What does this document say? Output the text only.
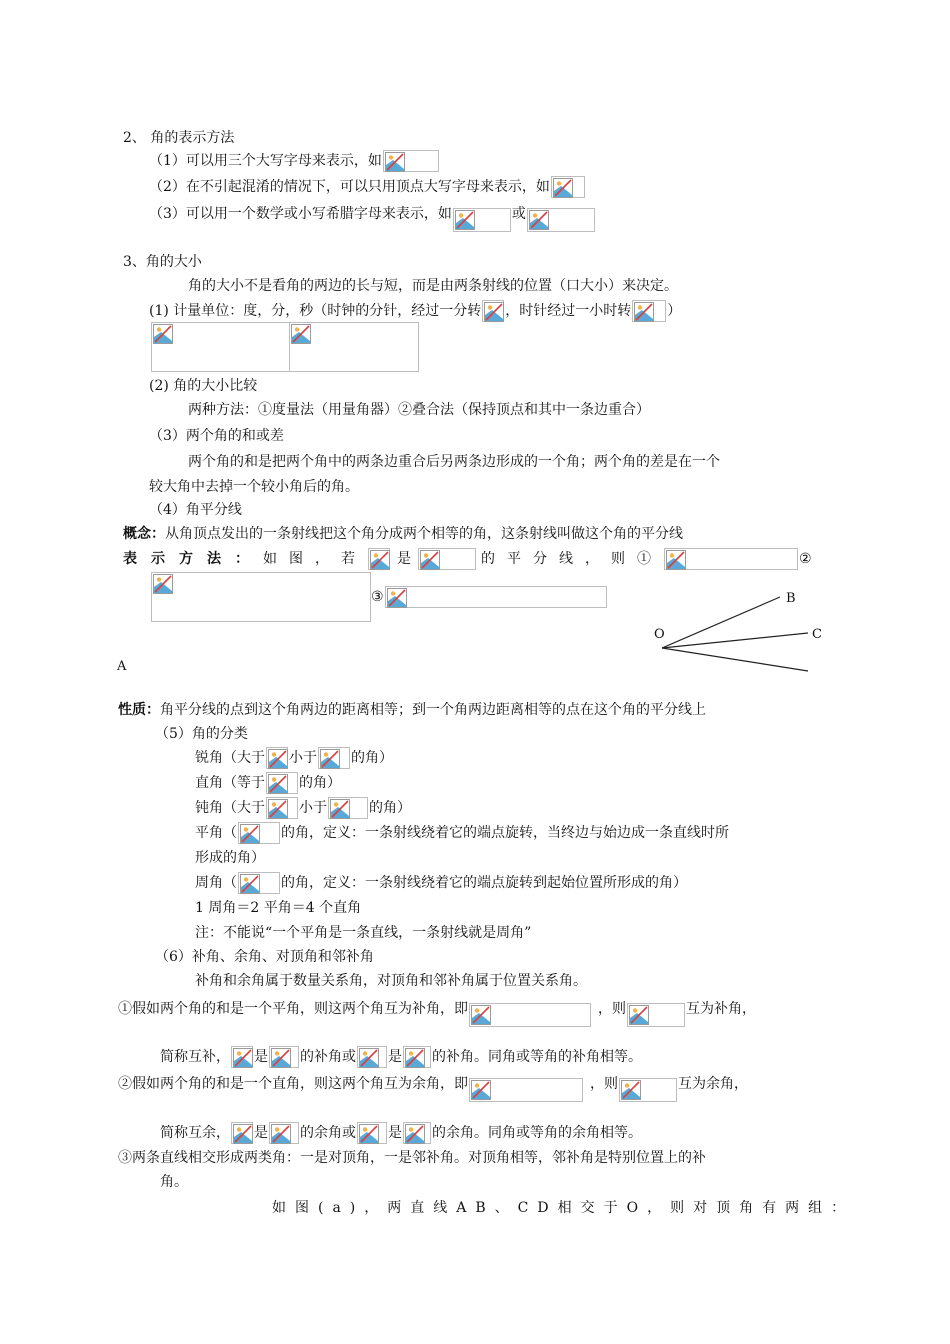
2、 角的表示方法
（1）可以用三个大写字母来表示，如
（2）在不引起混淆的情况下，可以只用顶点大写字母来表示，如
（3）可以用一个数学或小写希腊字母来表示，如	或
3、角的大小
角的大小不是看角的两边的长与短，而是由两条射线的位置（口大小）来决定。
(1) 计量单位：度，分，秒（时钟的分针，经过一分转 ，时针经过一小时转	）
(2) 角的大小比较
两种方法：①度量法（用量角器）②叠合法（保持顶点和其中一条边重合）
（3）两个角的和或差
两个角的和是把两个角中的两条边重合后另两条边形成的一个角；两个角的差是在一个
较大角中去掉一个较小角后的角。
（4）角平分线
概念：从角顶点发出的一条射线把这个角分成两个相等的角，这条射线叫做这个角的平分线
表示方法：如图，若 是	的平分线，则①	②
③
O
B
C
A
性质：角平分线的点到这个角两边的距离相等；到一个角两边距离相等的点在这个角的平分线上
（5）角的分类
锐角（大于 小于 的角）
直角（等于 的角）
钝角（大于 小于	的角）
平角（	的角，定义：一条射线绕着它的端点旋转，当终边与始边成一条直线时所
形成的角）
周角（	的角，定义：一条射线绕着它的端点旋转到起始位置所形成的角）
1 周角＝2 平角＝4 个直角
注：不能说“一个平角是一条直线，一条射线就是周角”
（6）补角、余角、对顶角和邻补角
补角和余角属于数量关系角，对顶角和邻补角属于位置关系角。
①假如两个角的和是一个平角，则这两个角互为补角，即	，则	互为补角，
简称互补， 是 的补角或 是 的补角。同角或等角的补角相等。
②假如两个角的和是一个直角，则这两个角互为余角，即	，则	互为余角，
简称互余， 是 的余角或 是 的余角。同角或等角的余角相等。
③两条直线相交形成两类角：一是对顶角，一是邻补角。对顶角相等，邻补角是特别位置上的补
角。
如图(a)，两直线AB、CD相交于O，则对顶角有两组：
